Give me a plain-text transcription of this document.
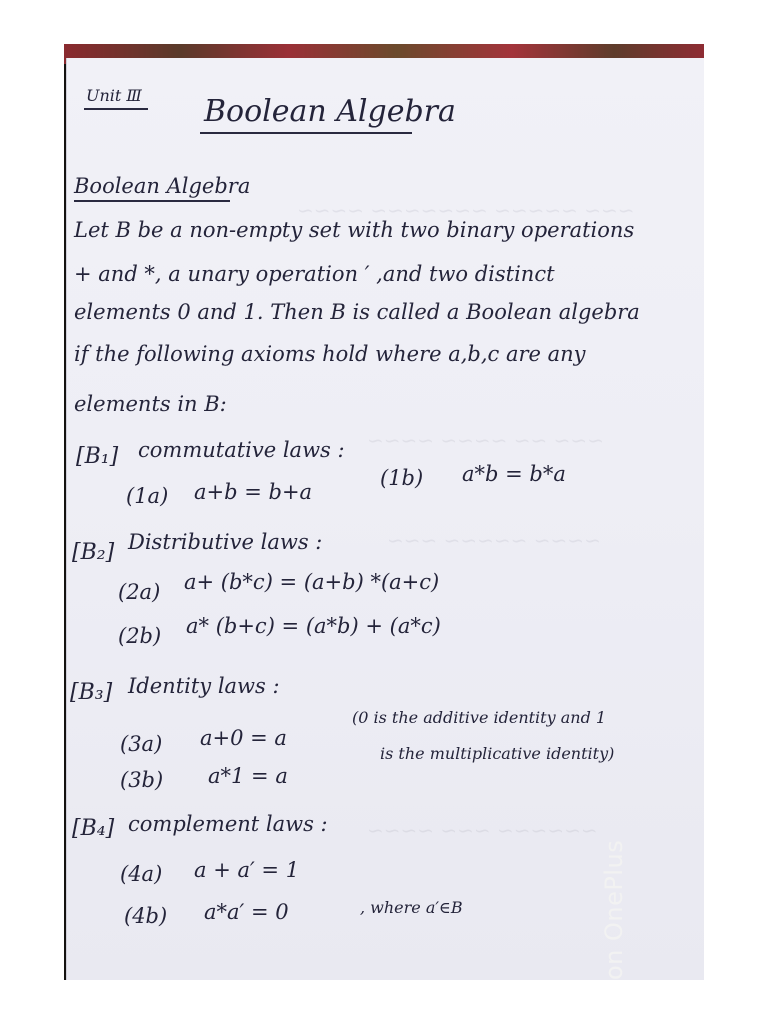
~~~ ~~~~~ ~~~~~~~ ~~~~
~~~ ~~ ~~~~ ~~~~
~~~~ ~~~~~ ~~~
~~~~~~ ~~~ ~~~~
Unit Ⅲ Boolean Algebra
Boolean Algebra
Let B be a non-empty set with two binary operations
+ and *, a unary operation ′ ,and two distinct
elements 0 and 1. Then B is called a Boolean algebra
if the following axioms hold where a,b,c are any
elements in B:
[B₁] commutative laws :
(1a) a+b = b+a
(1b) a*b = b*a
[B₂] Distributive laws :
(2a) a+ (b*c) = (a+b) *(a+c)
(2b) a* (b+c) = (a*b) + (a*c)
[B₃] Identity laws :
(3a) a+0 = a
(3b) a*1 = a
(0 is the additive identity and 1
is the multiplicative identity)
[B₄] complement laws :
(4a) a + a′ = 1
(4b) a*a′ = 0	, where a′∈B	on OnePlus
